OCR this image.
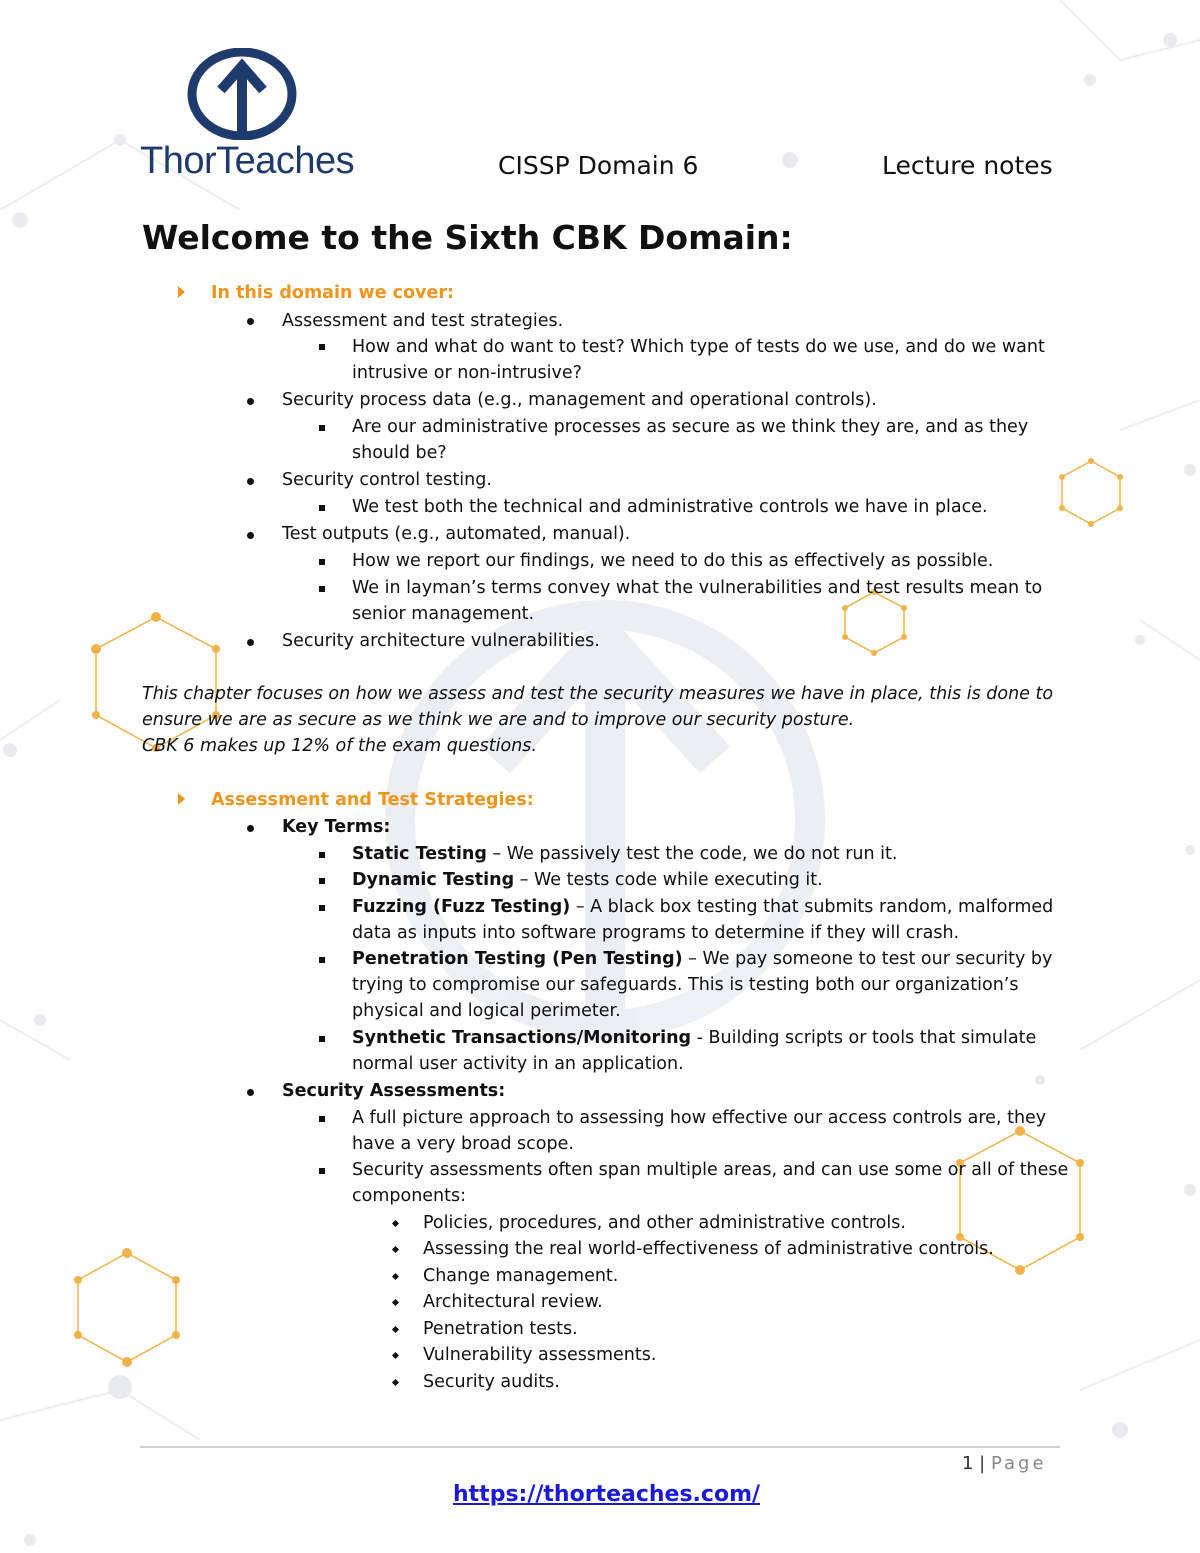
ThorTeaches	CISSP Domain 6	Lecture notes
Welcome to the Sixth CBK Domain:
In this domain we cover:
Assessment and test strategies.
How and what do want to test? Which type of tests do we use, and do we want
intrusive or non-intrusive?
Security process data (e.g., management and operational controls).
Are our administrative processes as secure as we think they are, and as they
should be?
Security control testing.
We test both the technical and administrative controls we have in place.
Test outputs (e.g., automated, manual).
How we report our findings, we need to do this as effectively as possible.
We in layman’s terms convey what the vulnerabilities and test results mean to
senior management.
Security architecture vulnerabilities.
This chapter focuses on how we assess and test the security measures we have in place, this is done to
ensure we are as secure as we think we are and to improve our security posture.
CBK 6 makes up 12% of the exam questions.
Assessment and Test Strategies:
Key Terms:
Static Testing – We passively test the code, we do not run it.
Dynamic Testing – We tests code while executing it.
Fuzzing (Fuzz Testing) – A black box testing that submits random, malformed
data as inputs into software programs to determine if they will crash.
Penetration Testing (Pen Testing) – We pay someone to test our security by
trying to compromise our safeguards. This is testing both our organization’s
physical and logical perimeter.
Synthetic Transactions/Monitoring - Building scripts or tools that simulate
normal user activity in an application.
Security Assessments:
A full picture approach to assessing how effective our access controls are, they
have a very broad scope.
Security assessments often span multiple areas, and can use some or all of these
components:
Policies, procedures, and other administrative controls.
Assessing the real world-effectiveness of administrative controls.
Change management.
Architectural review.
Penetration tests.
Vulnerability assessments.
Security audits.
1 | Page
https://thorteaches.com/
